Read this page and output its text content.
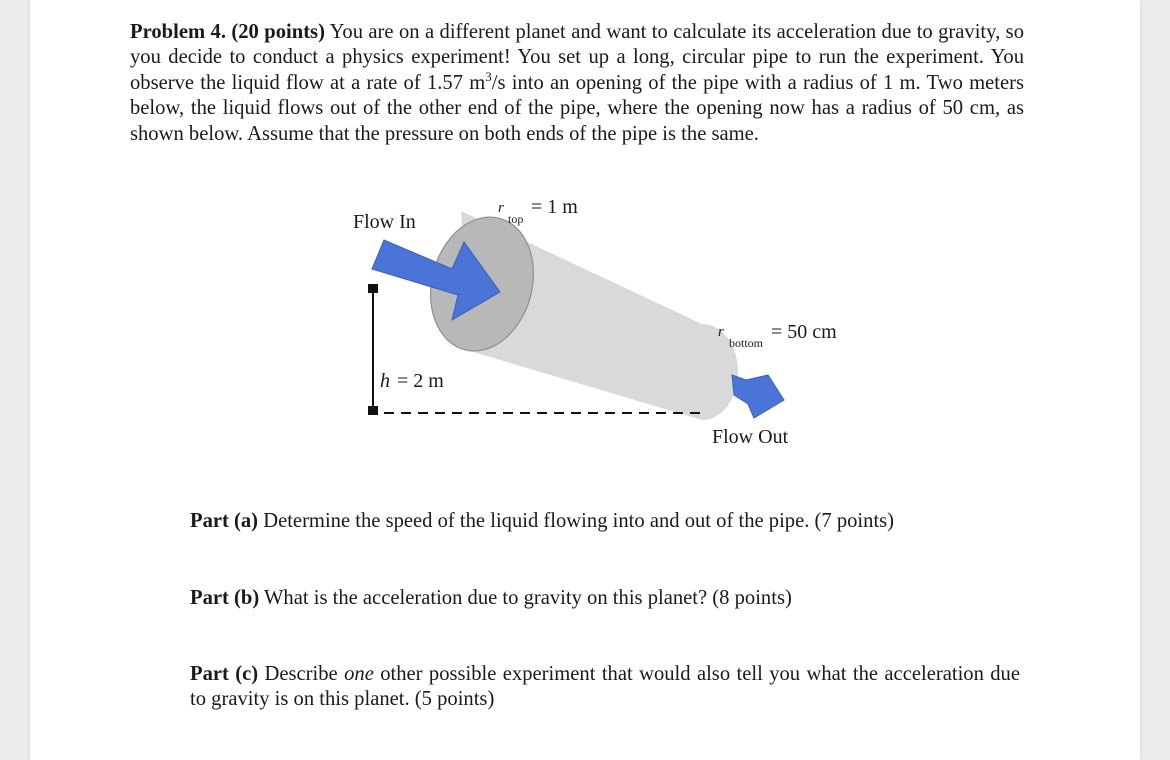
Problem 4. (20 points) You are on a different planet and want to calculate its acceleration due to gravity, so you decide to conduct a physics experiment! You set up a long, circular pipe to run the experiment. You observe the liquid flow at a rate of 1.57 $m^3/s$ into an opening of the pipe with a radius of 1 m. Two meters below, the liquid flows out of the other end of the pipe, where the opening now has a radius of 50 cm, as shown below. Assume that the pressure on both ends of the pipe is the same.
Flow In
r
top
= 1 m
r
bottom = 50 cm
h = 2 m
Flow Out
Part (a) Determine the speed of the liquid flowing into and out of the pipe. (7 points)
Part (b) What is the acceleration due to gravity on this planet? (8 points)
Part (c) Describe one other possible experiment that would also tell you what the acceleration due to gravity is on this planet. (5 points)
